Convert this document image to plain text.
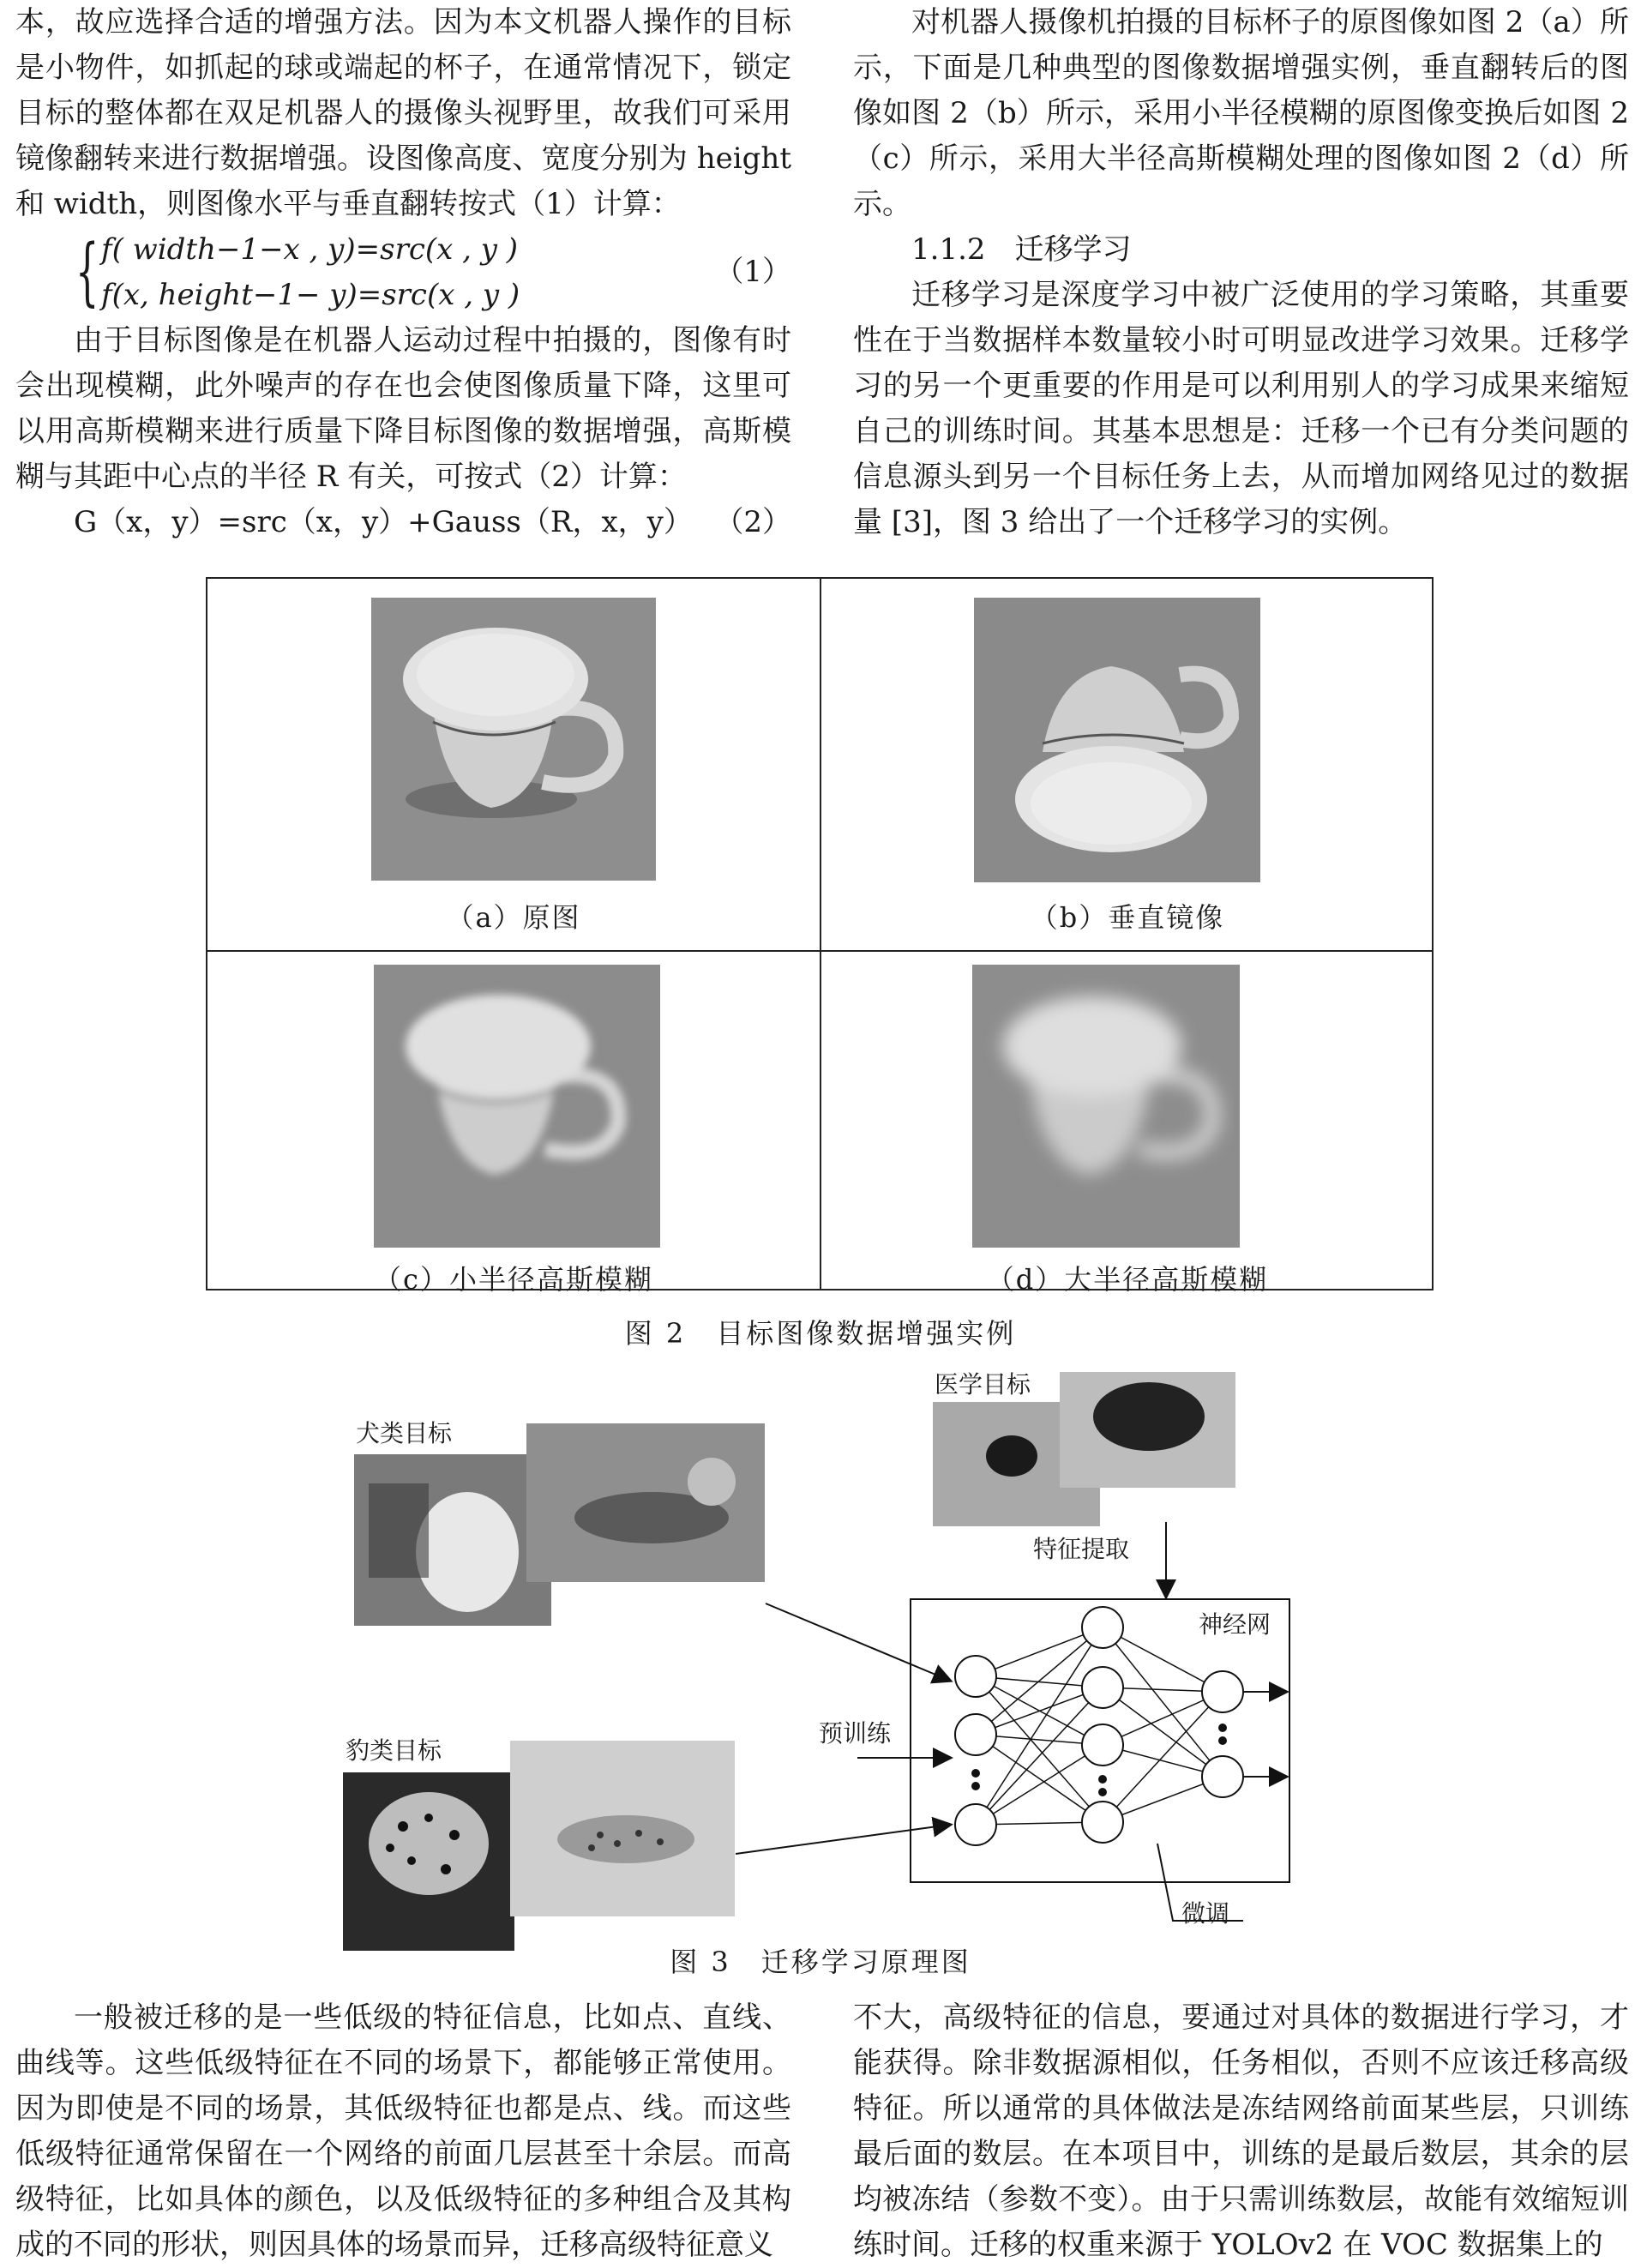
本，故应选择合适的增强方法。因为本文机器人操作的目标是小物件，如抓起的球或端起的杯子，在通常情况下，锁定目标的整体都在双足机器人的摄像头视野里，故我们可采用镜像翻转来进行数据增强。设图像高度、宽度分别为 height 和 width，则图像水平与垂直翻转按式（1）计算：

{ f( width−1−x , y)=src(x , y )
f(x, height−1− y)=src(x , y )
（1）

由于目标图像是在机器人运动过程中拍摄的，图像有时会出现模糊，此外噪声的存在也会使图像质量下降，这里可以用高斯模糊来进行质量下降目标图像的数据增强，高斯模糊与其距中心点的半径 R 有关，可按式（2）计算：

G（x，y）=src（x，y）+Gauss（R，x，y） （2）

对机器人摄像机拍摄的目标杯子的原图像如图 2（a）所示，下面是几种典型的图像数据增强实例，垂直翻转后的图像如图 2（b）所示，采用小半径模糊的原图像变换后如图 2（c）所示，采用大半径高斯模糊处理的图像如图 2（d）所示。

1.1.2　迁移学习

迁移学习是深度学习中被广泛使用的学习策略，其重要性在于当数据样本数量较小时可明显改进学习效果。迁移学习的另一个更重要的作用是可以利用别人的学习成果来缩短自己的训练时间。其基本思想是：迁移一个已有分类问题的信息源头到另一个目标任务上去，从而增加网络见过的数据量 [3]，图 3 给出了一个迁移学习的实例。

（a）原图	（b）垂直镜像
（c）小半径高斯模糊	（d）大半径高斯模糊
图 2　目标图像数据增强实例
犬类目标
豹类目标
医学目标
特征提取
神经网
预训练
微调
图 3　迁移学习原理图

一般被迁移的是一些低级的特征信息，比如点、直线、曲线等。这些低级特征在不同的场景下，都能够正常使用。因为即使是不同的场景，其低级特征也都是点、线。而这些低级特征通常保留在一个网络的前面几层甚至十余层。而高级特征，比如具体的颜色，以及低级特征的多种组合及其构成的不同的形状，则因具体的场景而异，迁移高级特征意义

不大，高级特征的信息，要通过对具体的数据进行学习，才能获得。除非数据源相似，任务相似，否则不应该迁移高级特征。所以通常的具体做法是冻结网络前面某些层，只训练最后面的数层。在本项目中，训练的是最后数层，其余的层均被冻结（参数不变）。由于只需训练数层，故能有效缩短训练时间。迁移的权重来源于 YOLOv2 在 VOC 数据集上的
